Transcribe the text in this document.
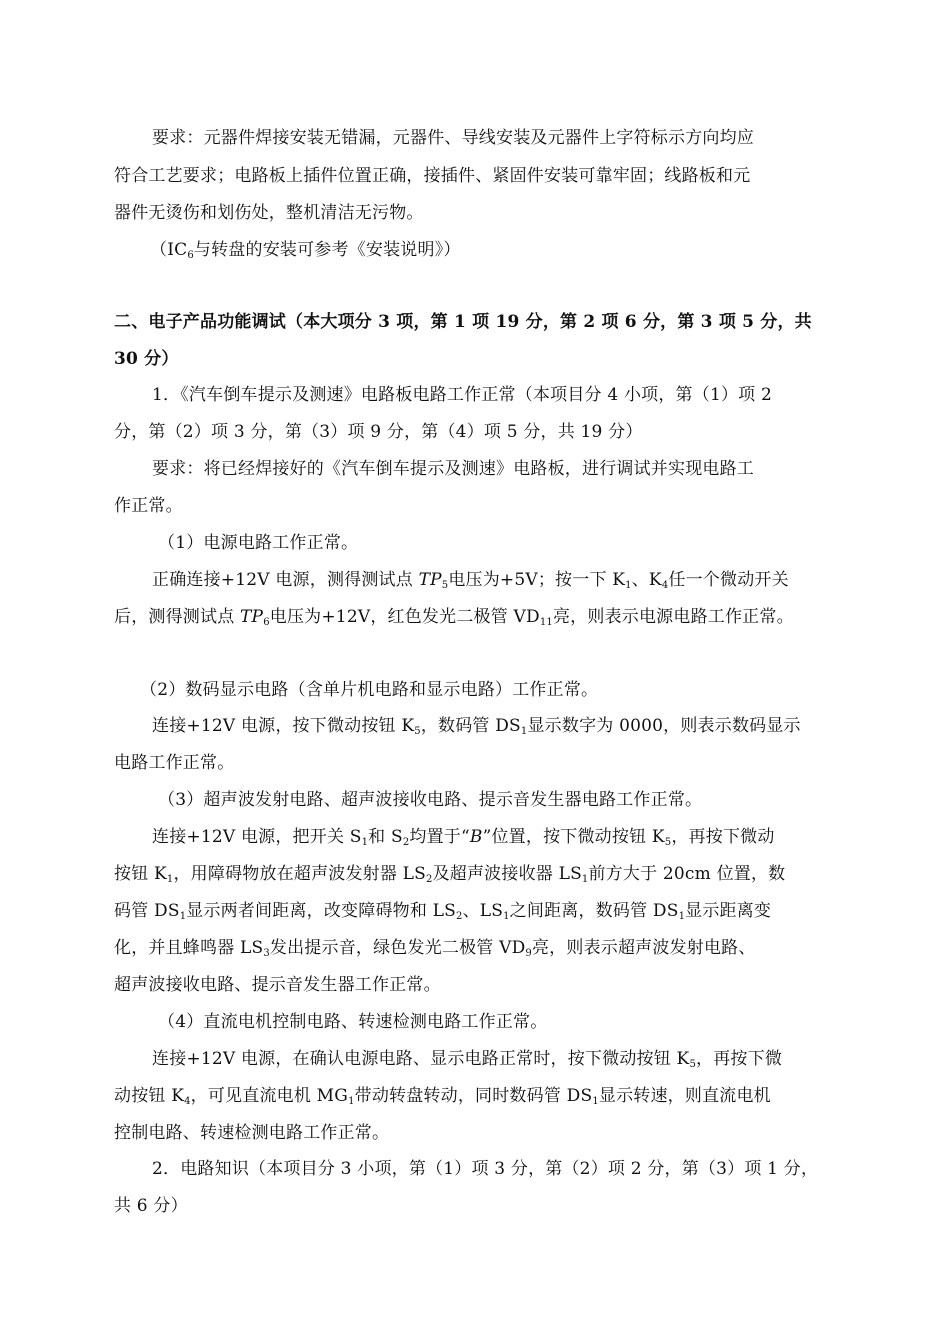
要求：元器件焊接安装无错漏，元器件、导线安装及元器件上字符标示方向均应
符合工艺要求；电路板上插件位置正确，接插件、紧固件安装可靠牢固；线路板和元
器件无烫伤和划伤处，整机清洁无污物。
（$IC_6$与转盘的安装可参考《安装说明》）
二、电子产品功能调试（本大项分 3 项，第 1 项 19 分，第 2 项 6 分，第 3 项 5 分，共
30 分）
1．《汽车倒车提示及测速》电路板电路工作正常（本项目分 4 小项，第（1）项 2
分，第（2）项 3 分，第（3）项 9 分，第（4）项 5 分，共 19 分）
要求：将已经焊接好的《汽车倒车提示及测速》电路板，进行调试并实现电路工
作正常。
（1）电源电路工作正常。
正确连接+12V 电源，测得测试点 $TP_5$电压为+5V；按一下 $K_1$、$K_4$任一个微动开关
后，测得测试点 $TP_6$电压为+12V，红色发光二极管 $VD_{11}$亮，则表示电源电路工作正常。
（2）数码显示电路（含单片机电路和显示电路）工作正常。
连接+12V 电源，按下微动按钮 $K_5$，数码管 $DS_1$显示数字为 0000，则表示数码显示
电路工作正常。
（3）超声波发射电路、超声波接收电路、提示音发生器电路工作正常。
连接+12V 电源，把开关 $S_1$和 $S_2$均置于“B”位置，按下微动按钮 $K_5$，再按下微动
按钮 $K_1$，用障碍物放在超声波发射器 $LS_2$及超声波接收器 $LS_1$前方大于 20cm 位置，数
码管 $DS_1$显示两者间距离，改变障碍物和 $LS_2$、$LS_1$之间距离，数码管 $DS_1$显示距离变
化，并且蜂鸣器 $LS_3$发出提示音，绿色发光二极管 $VD_9$亮，则表示超声波发射电路、
超声波接收电路、提示音发生器工作正常。
（4）直流电机控制电路、转速检测电路工作正常。
连接+12V 电源，在确认电源电路、显示电路正常时，按下微动按钮 $K_5$，再按下微
动按钮 $K_4$，可见直流电机 $MG_1$带动转盘转动，同时数码管 $DS_1$显示转速，则直流电机
控制电路、转速检测电路工作正常。
2．电路知识（本项目分 3 小项，第（1）项 3 分，第（2）项 2 分，第（3）项 1 分，
共 6 分）
